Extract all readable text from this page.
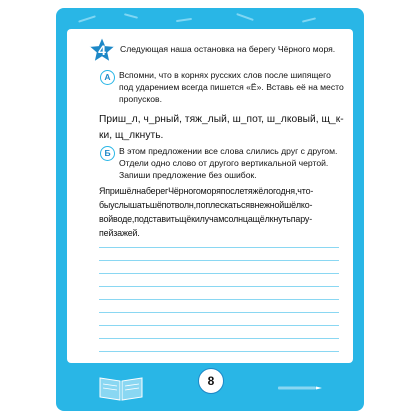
4	Следующая наша остановка на берегу Чёрного моря.
А Вспомни, что в корнях русских слов после шипящего
под ударением всегда пишется «Ё». Вставь её на место
пропусков.
Приш_л, ч_рный, тяж_лый, ш_пот, ш_лковый, щ_к-
ки, щ_лкнуть.
Б В этом предложении все слова слились друг с другом.
Отдели одно слово от другого вертикальной чертой.
Запиши предложение без ошибок.
ЯпришёлнаберегЧёрногоморяпослетяжёлогодня,что-
быуслышатьшёпотволн,поплескатьсявнежнойшёлко-
войводе,подставитьщёкилучамсолнцащёлкнутьпару-
пейзажей.
8
